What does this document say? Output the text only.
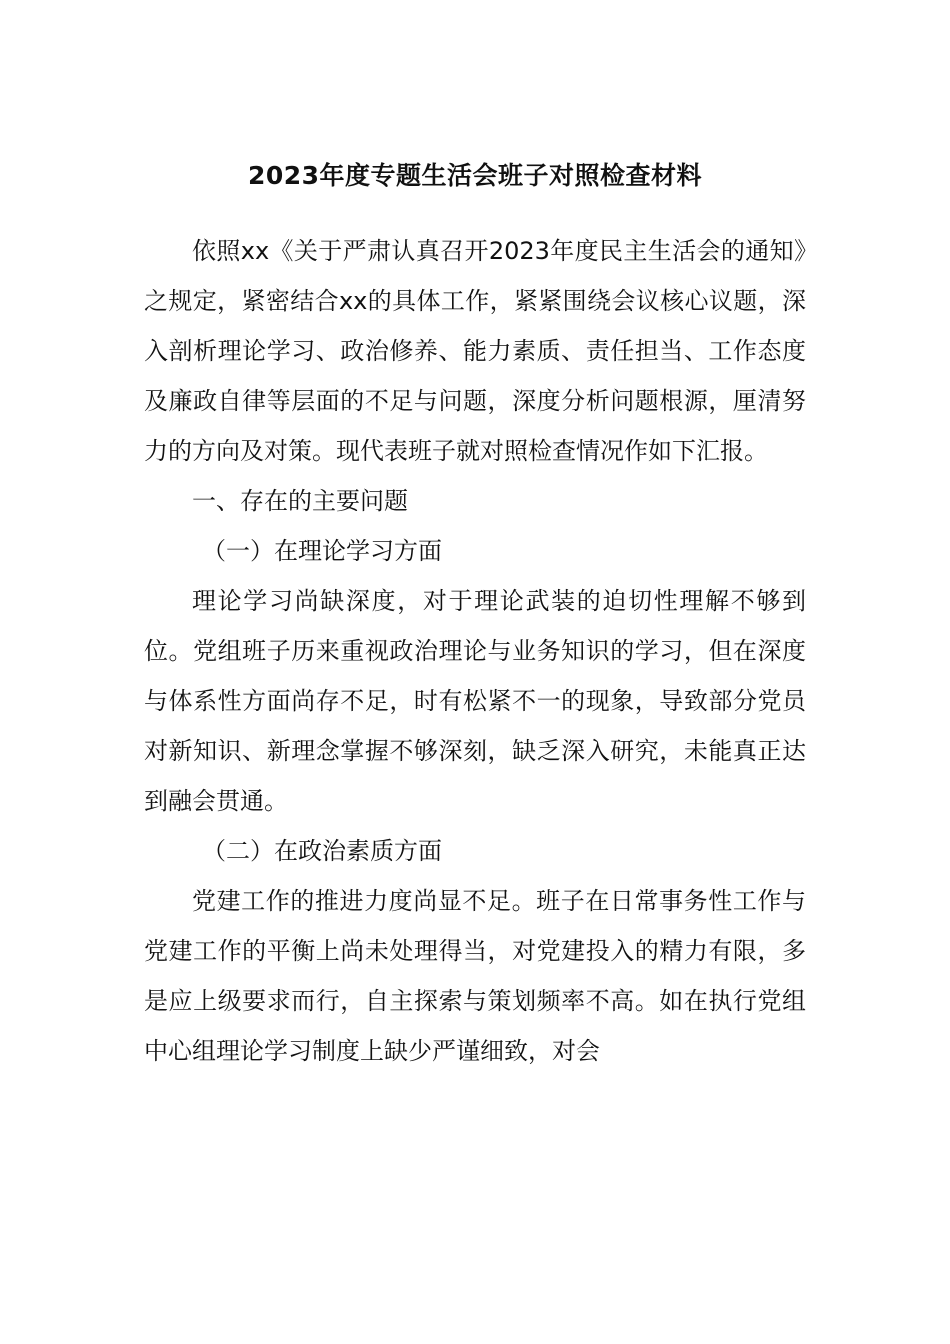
2023年度专题生活会班子对照检查材料

依照xx《关于严肃认真召开2023年度民主生活会的通知》之规定，紧密结合xx的具体工作，紧紧围绕会议核心议题，深入剖析理论学习、政治修养、能力素质、责任担当、工作态度及廉政自律等层面的不足与问题，深度分析问题根源，厘清努力的方向及对策。现代表班子就对照检查情况作如下汇报。

一、存在的主要问题

（一）在理论学习方面

理论学习尚缺深度，对于理论武装的迫切性理解不够到位。党组班子历来重视政治理论与业务知识的学习，但在深度与体系性方面尚存不足，时有松紧不一的现象，导致部分党员对新知识、新理念掌握不够深刻，缺乏深入研究，未能真正达到融会贯通。

（二）在政治素质方面

党建工作的推进力度尚显不足。班子在日常事务性工作与党建工作的平衡上尚未处理得当，对党建投入的精力有限，多是应上级要求而行，自主探索与策划频率不高。如在执行党组中心组理论学习制度上缺少严谨细致，对会
